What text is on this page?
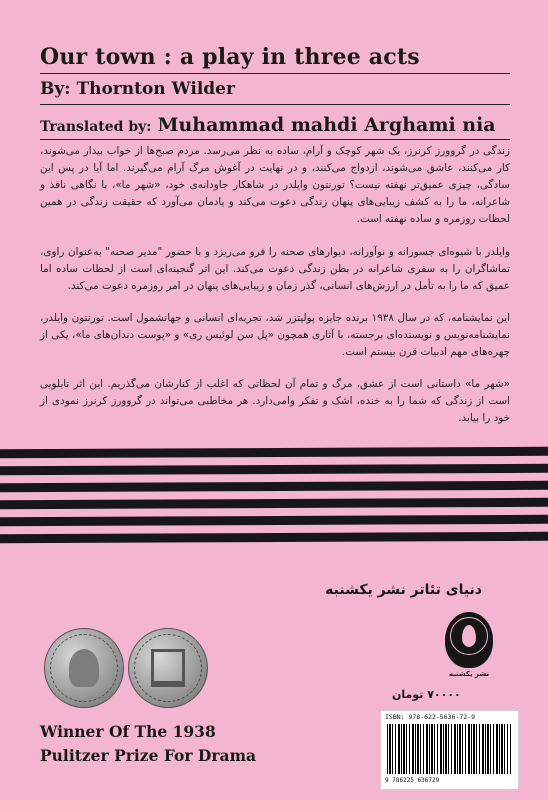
Our town : a play in three acts
By: Thornton Wilder
Translated by: Muhammad mahdi Arghami nia
زندگی در گروورز کرنرز، یک شهر کوچک و آرام، ساده به نظر می‌رسد. مردم صبح‌ها از خواب بیدار می‌شوند، کار می‌کنند، عاشق می‌شوند، ازدواج می‌کنند، و در نهایت در آغوش مرگ آرام می‌گیرند. اما آیا در پس این سادگی، چیزی عمیق‌تر نهفته نیست؟ تورنتون وایلدر در شاهکار جاودانه‌ی خود، «شهر ما»، با نگاهی نافذ و شاعرانه، ما را به کشف زیبایی‌های پنهان زندگی دعوت می‌کند و یادمان می‌آورد که حقیقت زندگی در همین لحظات روزمره و ساده نهفته است.
وایلدر با شیوه‌ای جسورانه و نوآورانه، دیوارهای صحنه را فرو می‌ریزد و با حضور "مدیر صحنه" به‌عنوان راوی، تماشاگران را به سفری شاعرانه در بطن زندگی دعوت می‌کند. این اثر گنجینه‌ای است از لحظات ساده اما عمیق که ما را به تأمل در ارزش‌های انسانی، گذر زمان و زیبایی‌های پنهان در امر روزمره دعوت می‌کند.
این نمایشنامه، که در سال ۱۹۳۸ برنده جایزه پولیتزر شد، تجربه‌ای انسانی و جهانشمول است. تورنتون وایلدر، نمایشنامه‌نویس و نویسنده‌ای برجسته، با آثاری همچون «پل سن لوئیس ری» و «پوست دندان‌های ما»، یکی از چهره‌های مهم ادبیات قرن بیستم است.
«شهر ما» داستانی است از عشق، مرگ و تمام آن لحظاتی که اغلب از کنارشان می‌گذریم. این اثر تابلویی است از زندگی که شما را به خنده، اشک و تفکر وامی‌دارد. هر مخاطبی می‌تواند در گروورز کرنرز نمودی از خود را بیابد.
دنیای تئاتر نشر یکشنبه
نشر یکشنبه
۷۰۰۰۰ تومان
ISBN: 978-622-5636-72-9
9 786225 636729
Winner Of The 1938
Pulitzer Prize For Drama
